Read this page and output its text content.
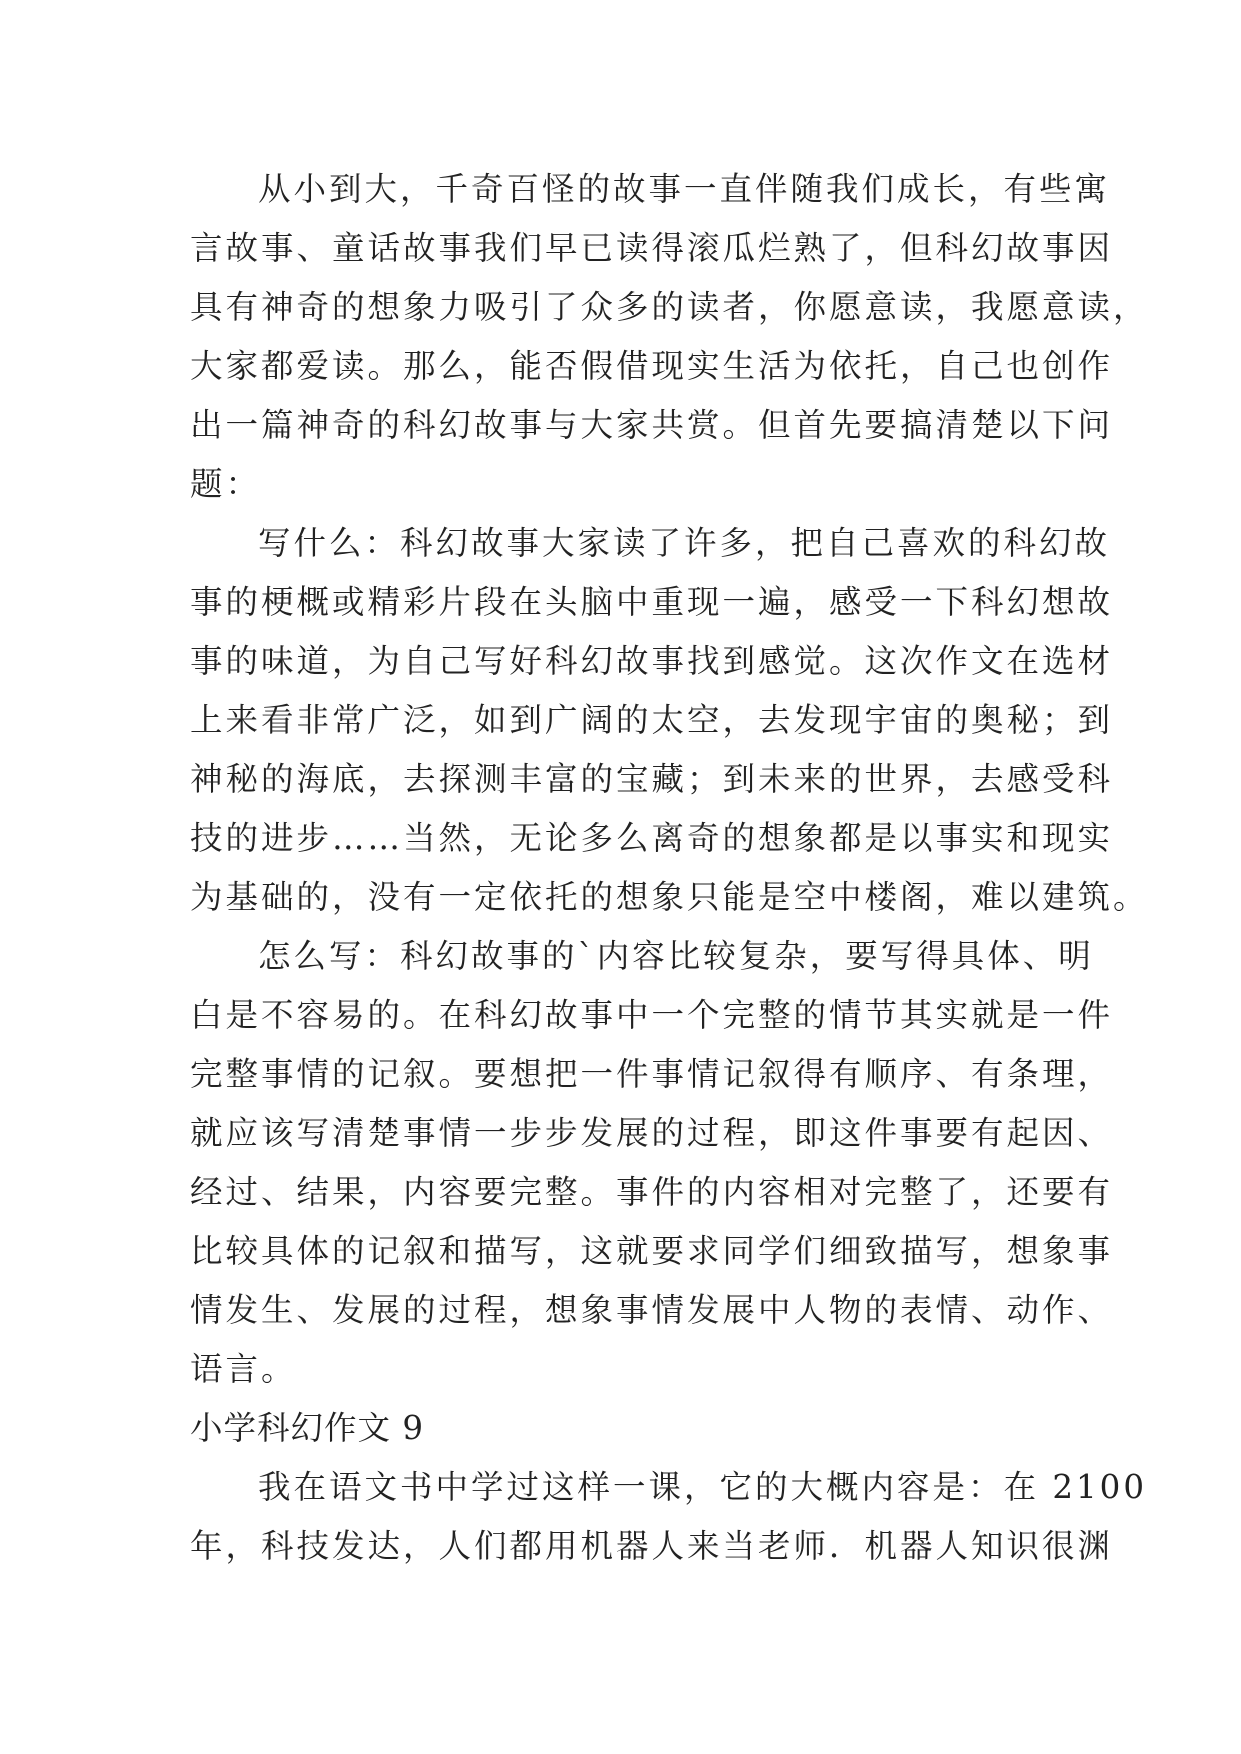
从小到大，千奇百怪的故事一直伴随我们成长，有些寓
言故事、童话故事我们早已读得滚瓜烂熟了，但科幻故事因
具有神奇的想象力吸引了众多的读者，你愿意读，我愿意读，
大家都爱读。那么，能否假借现实生活为依托，自己也创作
出一篇神奇的科幻故事与大家共赏。但首先要搞清楚以下问
题：
写什么：科幻故事大家读了许多，把自己喜欢的科幻故
事的梗概或精彩片段在头脑中重现一遍，感受一下科幻想故
事的味道，为自己写好科幻故事找到感觉。这次作文在选材
上来看非常广泛，如到广阔的太空，去发现宇宙的奥秘；到
神秘的海底，去探测丰富的宝藏；到未来的世界，去感受科
技的进步……当然，无论多么离奇的想象都是以事实和现实
为基础的，没有一定依托的想象只能是空中楼阁，难以建筑。
怎么写：科幻故事的`内容比较复杂，要写得具体、明
白是不容易的。在科幻故事中一个完整的情节其实就是一件
完整事情的记叙。要想把一件事情记叙得有顺序、有条理，
就应该写清楚事情一步步发展的过程，即这件事要有起因、
经过、结果，内容要完整。事件的内容相对完整了，还要有
比较具体的记叙和描写，这就要求同学们细致描写，想象事
情发生、发展的过程，想象事情发展中人物的表情、动作、
语言。
小学科幻作文 9
我在语文书中学过这样一课，它的大概内容是：在 2100
年，科技发达，人们都用机器人来当老师．机器人知识很渊
